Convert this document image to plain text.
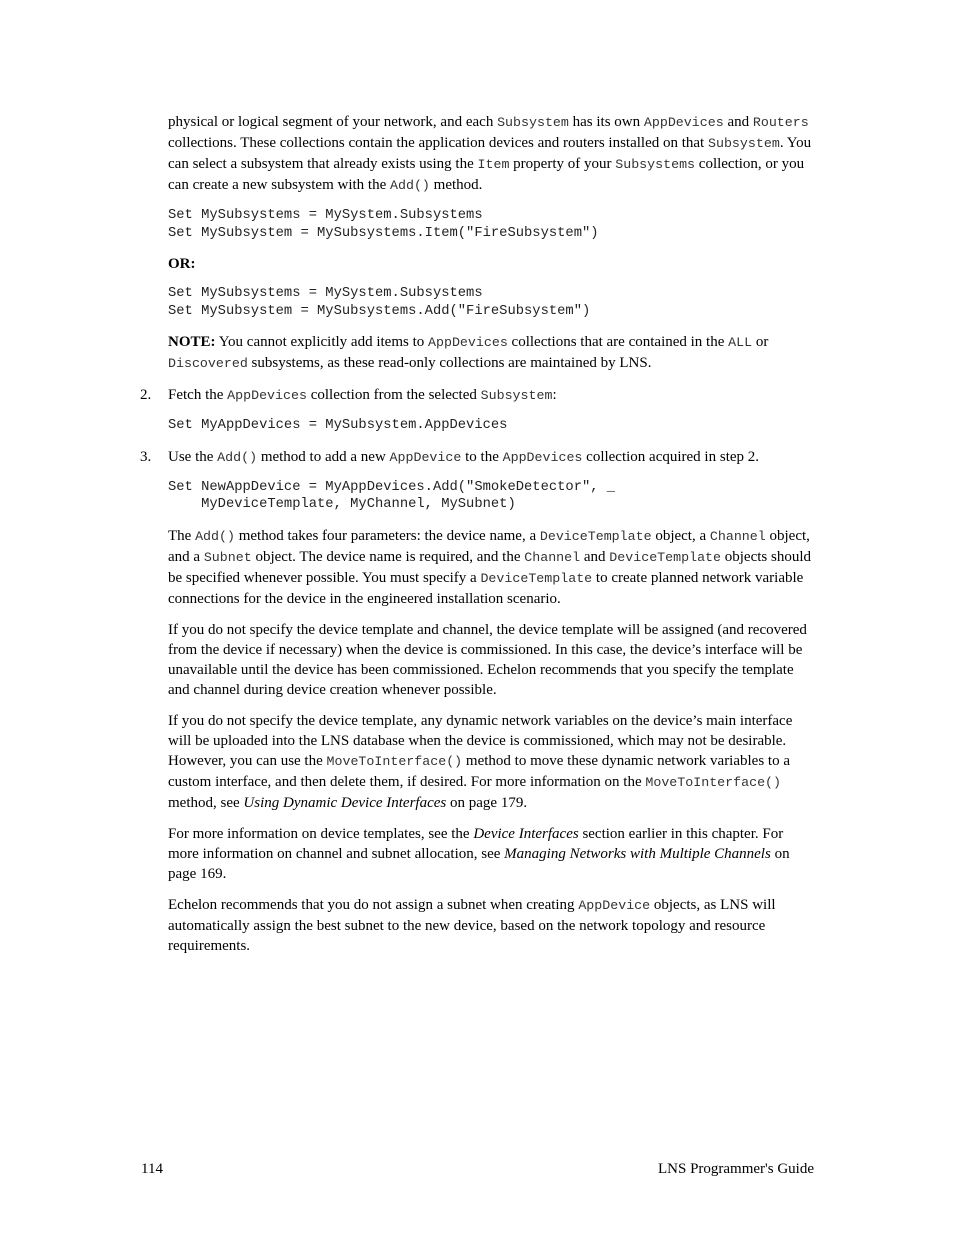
physical or logical segment of your network, and each Subsystem has its own AppDevices and Routers collections. These collections contain the application devices and routers installed on that Subsystem. You can select a subsystem that already exists using the Item property of your Subsystems collection, or you can create a new subsystem with the Add() method.

Set MySubsystems = MySystem.Subsystems
Set MySubsystem = MySubsystems.Item("FireSubsystem")

OR:

Set MySubsystems = MySystem.Subsystems
Set MySubsystem = MySubsystems.Add("FireSubsystem")

NOTE: You cannot explicitly add items to AppDevices collections that are contained in the ALL or Discovered subsystems, as these read-only collections are maintained by LNS.

2. Fetch the AppDevices collection from the selected Subsystem:

Set MyAppDevices = MySubsystem.AppDevices
3. Use the Add() method to add a new AppDevice to the AppDevices collection acquired in step 2.

Set NewAppDevice = MyAppDevices.Add("SmokeDetector", _
MyDeviceTemplate, MyChannel, MySubnet)

The Add() method takes four parameters: the device name, a DeviceTemplate object, a Channel object, and a Subnet object. The device name is required, and the Channel and DeviceTemplate objects should be specified whenever possible. You must specify a DeviceTemplate to create planned network variable connections for the device in the engineered installation scenario.

If you do not specify the device template and channel, the device template will be assigned (and recovered from the device if necessary) when the device is commissioned. In this case, the device’s interface will be unavailable until the device has been commissioned. Echelon recommends that you specify the template and channel during device creation whenever possible.

If you do not specify the device template, any dynamic network variables on the device’s main interface will be uploaded into the LNS database when the device is commissioned, which may not be desirable. However, you can use the MoveToInterface() method to move these dynamic network variables to a custom interface, and then delete them, if desired. For more information on the MoveToInterface() method, see Using Dynamic Device Interfaces on page 179.

For more information on device templates, see the Device Interfaces section earlier in this chapter. For more information on channel and subnet allocation, see Managing Networks with Multiple Channels on page 169.

Echelon recommends that you do not assign a subnet when creating AppDevice objects, as LNS will automatically assign the best subnet to the new device, based on the network topology and resource requirements.

114	LNS Programmer's Guide
